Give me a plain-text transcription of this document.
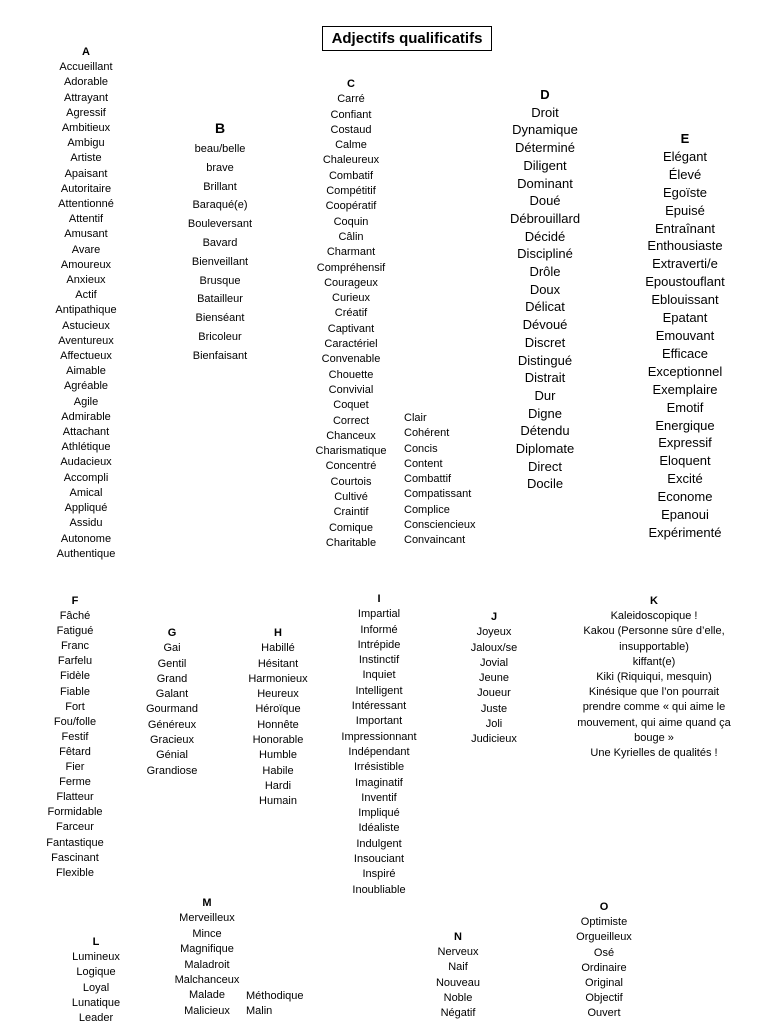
Adjectifs qualificatifs
A
Accueillant
Adorable
Attrayant
Agressif
Ambitieux
Ambigu
Artiste
Apaisant
Autoritaire
Attentionné
Attentif
Amusant
Avare
Amoureux
Anxieux
Actif
Antipathique
Astucieux
Aventureux
Affectueux
Aimable
Agréable
Agile
Admirable
Attachant
Athlétique
Audacieux
Accompli
Amical
Appliqué
Assidu
Autonome
Authentique
B
beau/belle
brave
Brillant
Baraqué(e)
Bouleversant
Bavard
Bienveillant
Brusque
Batailleur
Bienséant
Bricoleur
Bienfaisant
C
Carré
Confiant
Costaud
Calme
Chaleureux
Combatif
Compétitif
Coopératif
Coquin
Câlin
Charmant
Compréhensif
Courageux
Curieux
Créatif
Captivant
Caractériel
Convenable
Chouette
Convivial
Coquet
Correct
Chanceux
Charismatique
Concentré
Courtois
Cultivé
Craintif
Comique
Charitable
Clair
Cohérent
Concis
Content
Combattif
Compatissant
Complice
Consciencieux
Convaincant
D
Droit
Dynamique
Déterminé
Diligent
Dominant
Doué
Débrouillard
Décidé
Discipliné
Drôle
Doux
Délicat
Dévoué
Discret
Distingué
Distrait
Dur
Digne
Détendu
Diplomate
Direct
Docile
E
Elégant
Élevé
Egoïste
Epuisé
Entraînant
Enthousiaste
Extraverti/e
Epoustouflant
Eblouissant
Epatant
Emouvant
Efficace
Exceptionnel
Exemplaire
Emotif
Energique
Expressif
Eloquent
Excité
Econome
Epanoui
Expérimenté
F
Fâché
Fatigué
Franc
Farfelu
Fidèle
Fiable
Fort
Fou/folle
Festif
Fêtard
Fier
Ferme
Flatteur
Formidable
Farceur
Fantastique
Fascinant
Flexible
G
Gai
Gentil
Grand
Galant
Gourmand
Généreux
Gracieux
Génial
Grandiose
H
Habillé
Hésitant
Harmonieux
Heureux
Héroïque
Honnête
Honorable
Humble
Habile
Hardi
Humain
I
Impartial
Informé
Intrépide
Instinctif
Inquiet
Intelligent
Intéressant
Important
Impressionnant
Indépendant
Irrésistible
Imaginatif
Inventif
Impliqué
Idéaliste
Indulgent
Insouciant
Inspiré
Inoubliable
J
Joyeux
Jaloux/se
Jovial
Jeune
Joueur
Juste
Joli
Judicieux
K
Kaleidoscopique !
Kakou (Personne sûre d’elle,
insupportable)
kiffant(e)
Kiki (Riquiqui, mesquin)
Kinésique que l’on pourrait
prendre comme « qui aime le
mouvement, qui aime quand ça
bouge »
Une Kyrielles de qualités !
L
Lumineux
Logique
Loyal
Lunatique
Leader
M
Merveilleux
Mince
Magnifique
Maladroit
Malchanceux
Malade
Malicieux
Méthodique
Malin
N
Nerveux
Naif
Nouveau
Noble
Négatif
O
Optimiste
Orgueilleux
Osé
Ordinaire
Original
Objectif
Ouvert
